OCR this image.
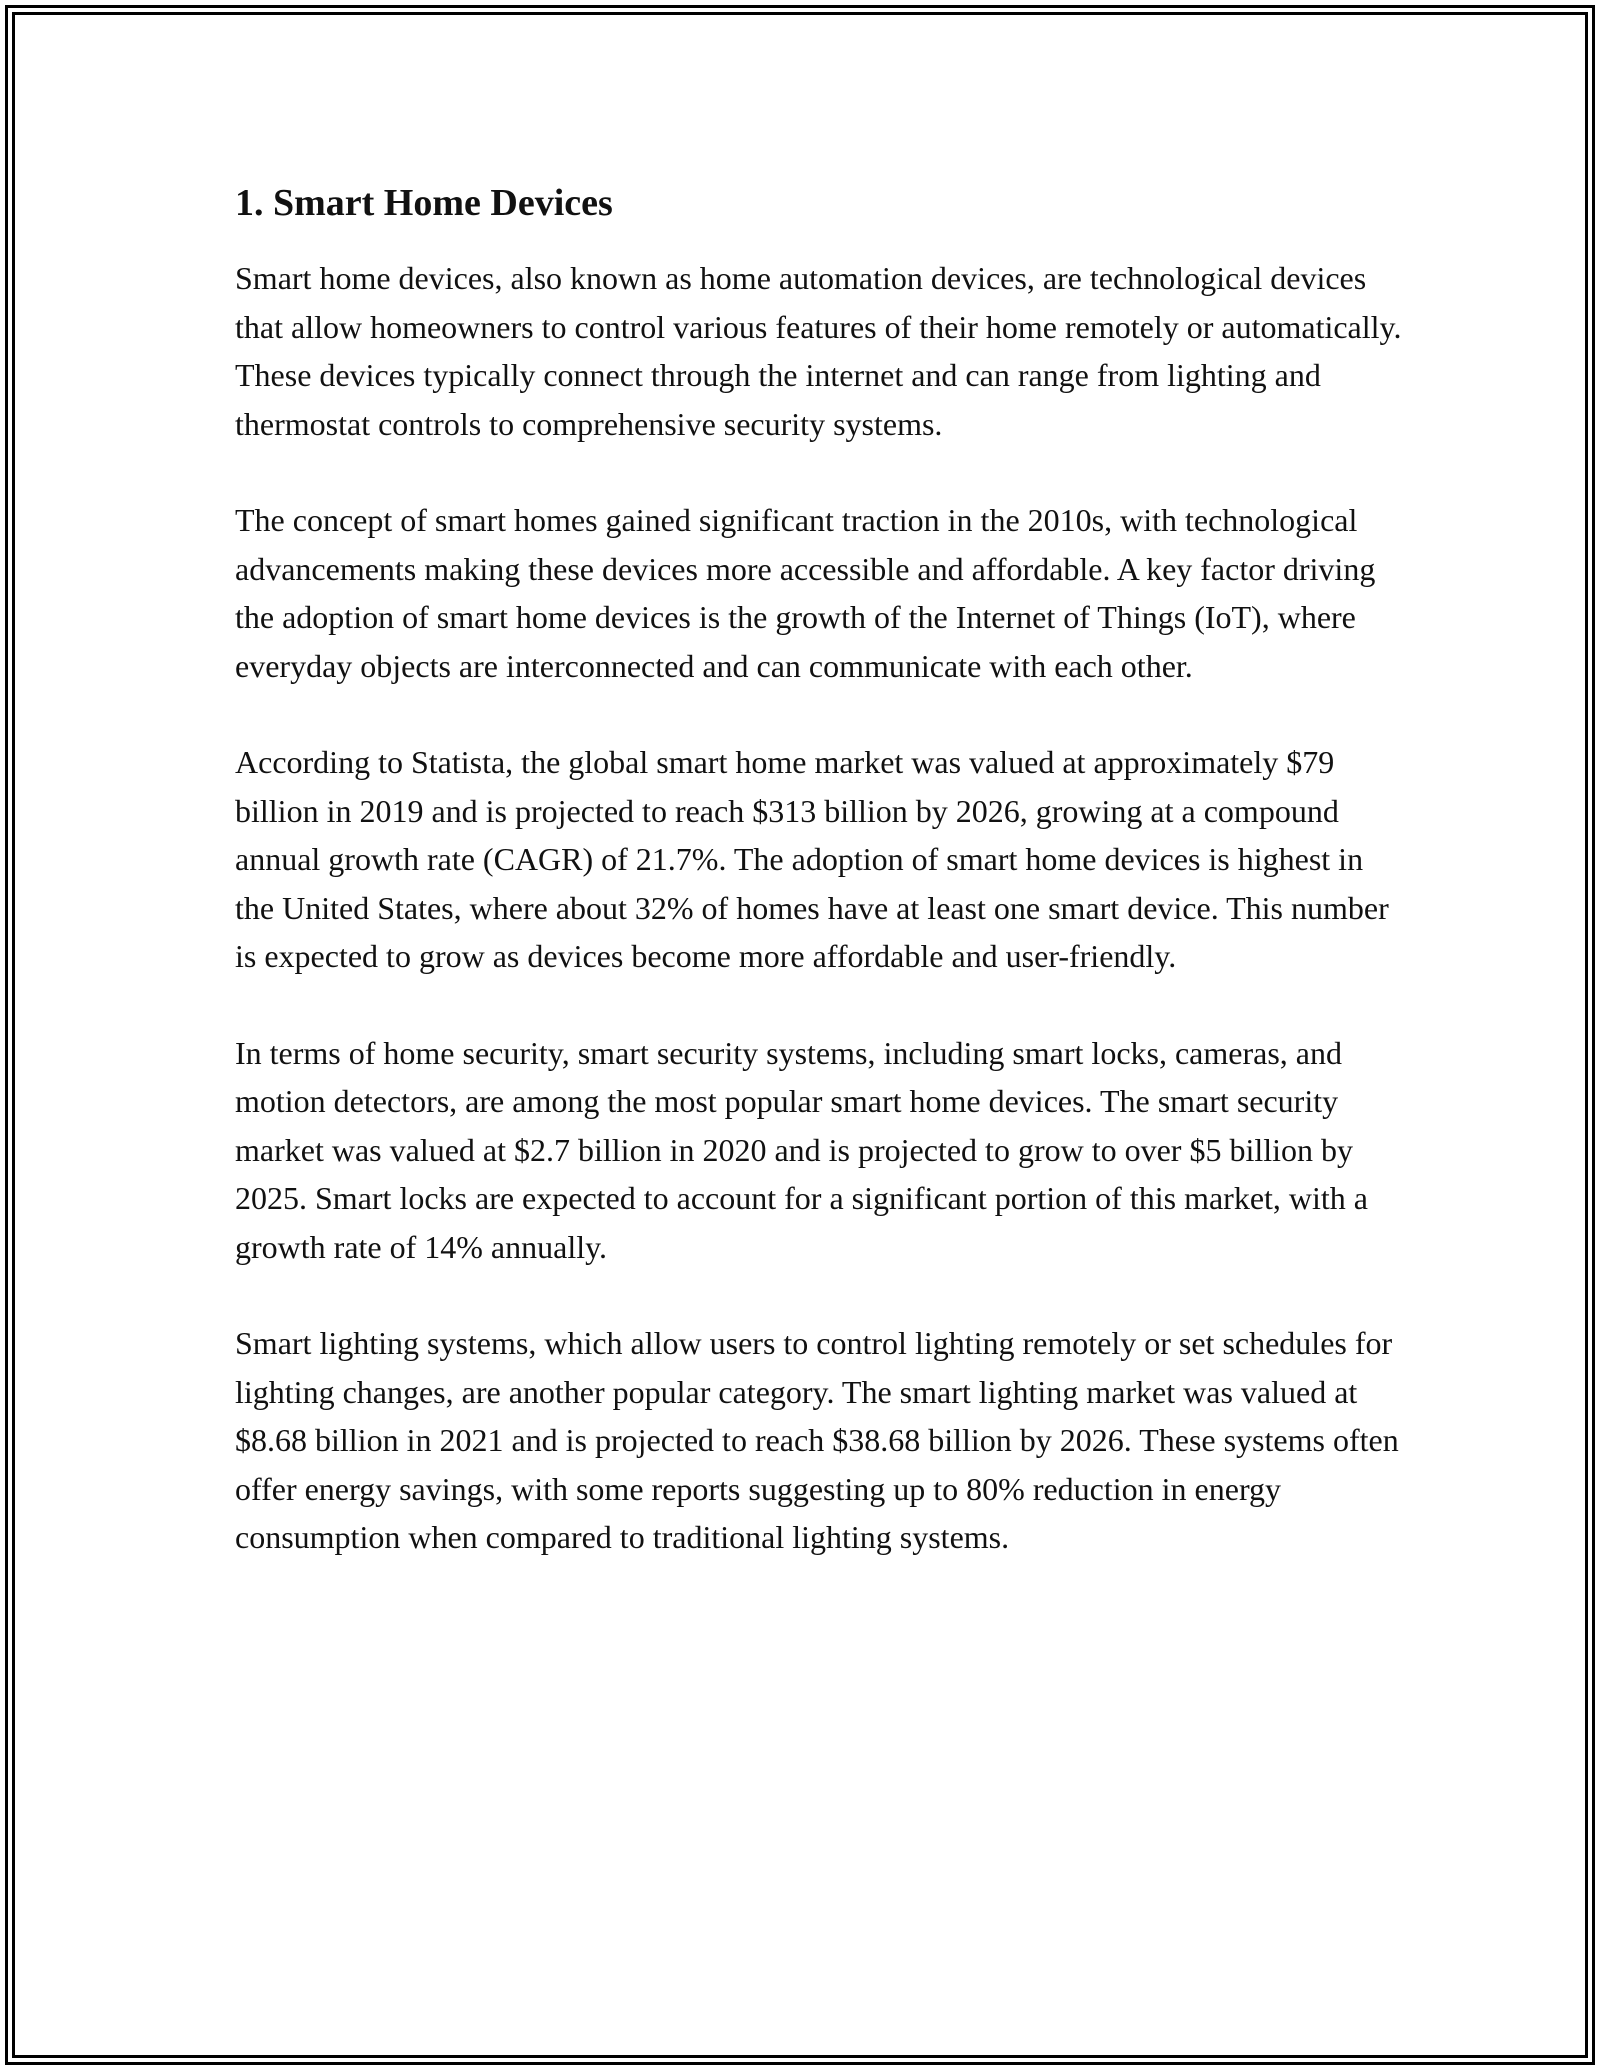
1. Smart Home Devices

Smart home devices, also known as home automation devices, are technological devices that allow homeowners to control various features of their home remotely or automatically. These devices typically connect through the internet and can range from lighting and thermostat controls to comprehensive security systems.

The concept of smart homes gained significant traction in the 2010s, with technological advancements making these devices more accessible and affordable. A key factor driving the adoption of smart home devices is the growth of the Internet of Things (IoT), where everyday objects are interconnected and can communicate with each other.

According to Statista, the global smart home market was valued at approximately $79 billion in 2019 and is projected to reach $313 billion by 2026, growing at a compound annual growth rate (CAGR) of 21.7%. The adoption of smart home devices is highest in the United States, where about 32% of homes have at least one smart device. This number is expected to grow as devices become more affordable and user-friendly.

In terms of home security, smart security systems, including smart locks, cameras, and motion detectors, are among the most popular smart home devices. The smart security market was valued at $2.7 billion in 2020 and is projected to grow to over $5 billion by 2025. Smart locks are expected to account for a significant portion of this market, with a growth rate of 14% annually.

Smart lighting systems, which allow users to control lighting remotely or set schedules for lighting changes, are another popular category. The smart lighting market was valued at $8.68 billion in 2021 and is projected to reach $38.68 billion by 2026. These systems often offer energy savings, with some reports suggesting up to 80% reduction in energy consumption when compared to traditional lighting systems.
